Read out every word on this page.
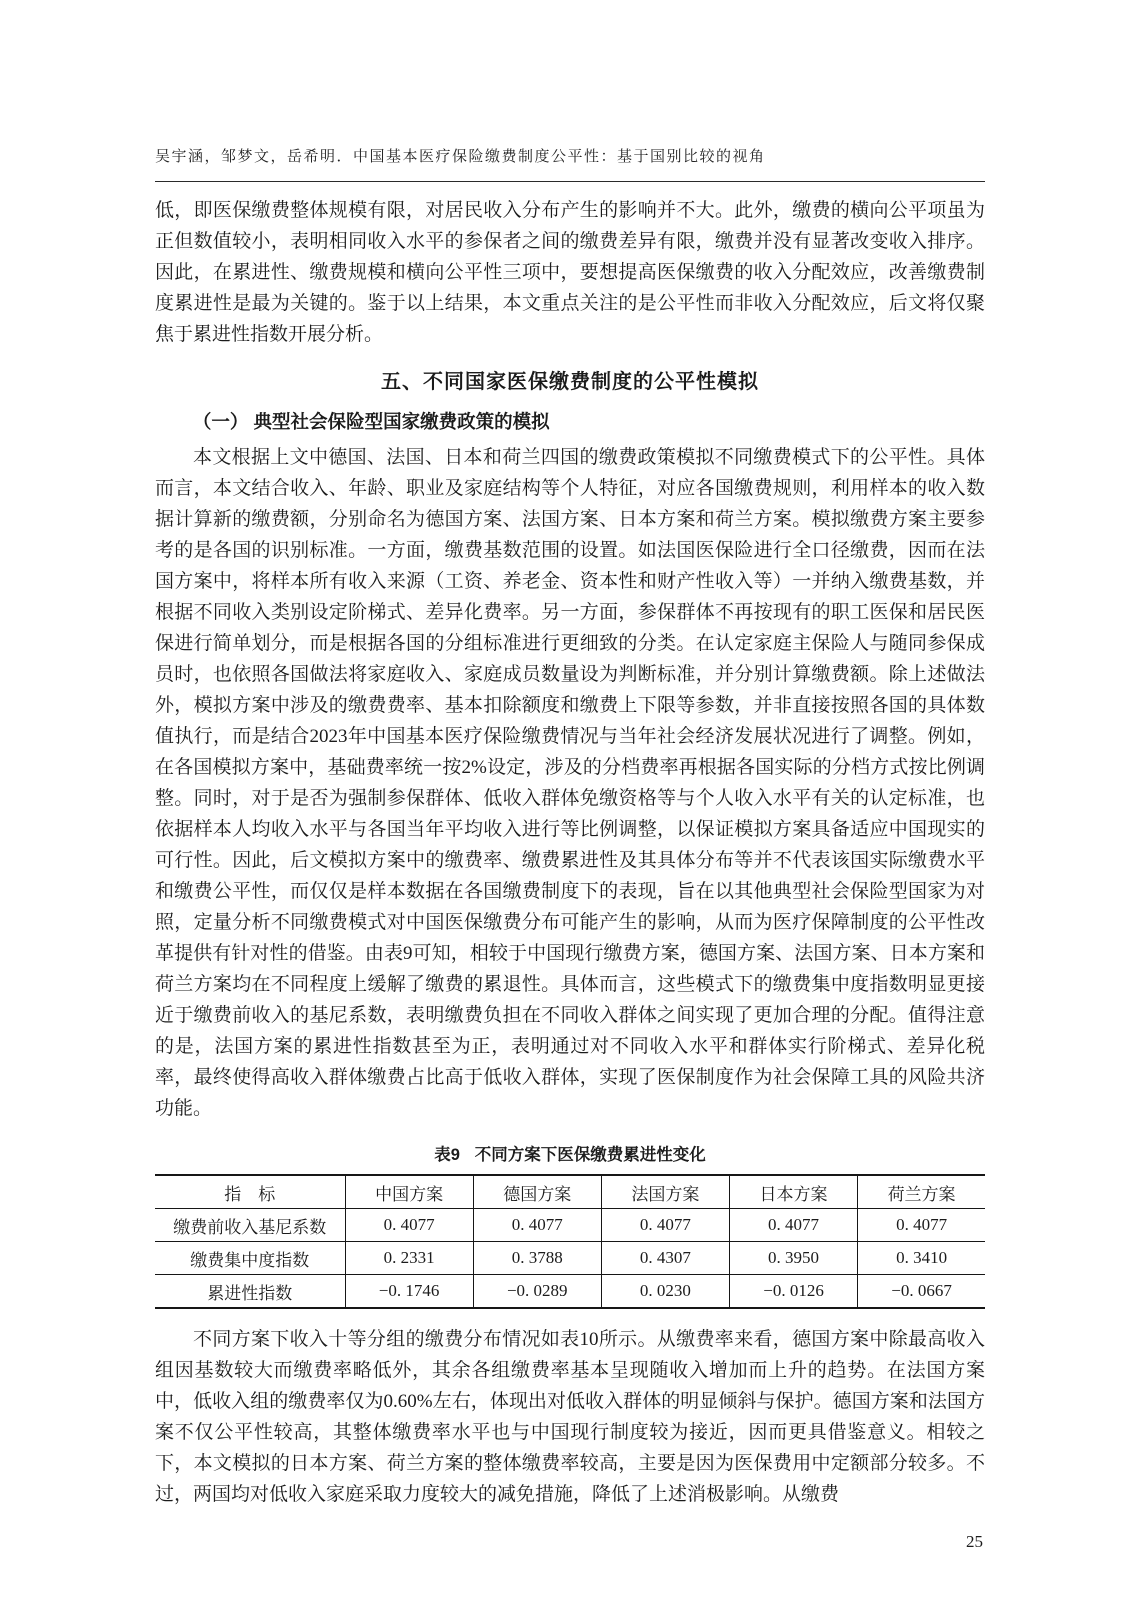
吴宇涵，邹梦文，岳希明．中国基本医疗保险缴费制度公平性：基于国别比较的视角

低，即医保缴费整体规模有限，对居民收入分布产生的影响并不大。此外，缴费的横向公平项虽为正但数值较小，表明相同收入水平的参保者之间的缴费差异有限，缴费并没有显著改变收入排序。因此，在累进性、缴费规模和横向公平性三项中，要想提高医保缴费的收入分配效应，改善缴费制度累进性是最为关键的。鉴于以上结果，本文重点关注的是公平性而非收入分配效应，后文将仅聚焦于累进性指数开展分析。

五、不同国家医保缴费制度的公平性模拟
（一） 典型社会保险型国家缴费政策的模拟

本文根据上文中德国、法国、日本和荷兰四国的缴费政策模拟不同缴费模式下的公平性。具体而言，本文结合收入、年龄、职业及家庭结构等个人特征，对应各国缴费规则，利用样本的收入数据计算新的缴费额，分别命名为德国方案、法国方案、日本方案和荷兰方案。模拟缴费方案主要参考的是各国的识别标准。一方面，缴费基数范围的设置。如法国医保险进行全口径缴费，因而在法国方案中，将样本所有收入来源（工资、养老金、资本性和财产性收入等）一并纳入缴费基数，并根据不同收入类别设定阶梯式、差异化费率。另一方面，参保群体不再按现有的职工医保和居民医保进行简单划分，而是根据各国的分组标准进行更细致的分类。在认定家庭主保险人与随同参保成员时，也依照各国做法将家庭收入、家庭成员数量设为判断标准，并分别计算缴费额。除上述做法外，模拟方案中涉及的缴费费率、基本扣除额度和缴费上下限等参数，并非直接按照各国的具体数值执行，而是结合2023年中国基本医疗保险缴费情况与当年社会经济发展状况进行了调整。例如，在各国模拟方案中，基础费率统一按2%设定，涉及的分档费率再根据各国实际的分档方式按比例调整。同时，对于是否为强制参保群体、低收入群体免缴资格等与个人收入水平有关的认定标准，也依据样本人均收入水平与各国当年平均收入进行等比例调整，以保证模拟方案具备适应中国现实的可行性。因此，后文模拟方案中的缴费率、缴费累进性及其具体分布等并不代表该国实际缴费水平和缴费公平性，而仅仅是样本数据在各国缴费制度下的表现，旨在以其他典型社会保险型国家为对照，定量分析不同缴费模式对中国医保缴费分布可能产生的影响，从而为医疗保障制度的公平性改革提供有针对性的借鉴。由表9可知，相较于中国现行缴费方案，德国方案、法国方案、日本方案和荷兰方案均在不同程度上缓解了缴费的累退性。具体而言，这些模式下的缴费集中度指数明显更接近于缴费前收入的基尼系数，表明缴费负担在不同收入群体之间实现了更加合理的分配。值得注意的是，法国方案的累进性指数甚至为正，表明通过对不同收入水平和群体实行阶梯式、差异化税率，最终使得高收入群体缴费占比高于低收入群体，实现了医保制度作为社会保障工具的风险共济功能。

表9 不同方案下医保缴费累进性变化
指　标	中国方案	德国方案	法国方案	日本方案	荷兰方案
缴费前收入基尼系数	0. 4077	0. 4077	0. 4077	0. 4077	0. 4077
缴费集中度指数	0. 2331	0. 3788	0. 4307	0. 3950	0. 3410
累进性指数	−0. 1746	−0. 0289	0. 0230	−0. 0126	−0. 0667

不同方案下收入十等分组的缴费分布情况如表10所示。从缴费率来看，德国方案中除最高收入组因基数较大而缴费率略低外，其余各组缴费率基本呈现随收入增加而上升的趋势。在法国方案中，低收入组的缴费率仅为0.60%左右，体现出对低收入群体的明显倾斜与保护。德国方案和法国方案不仅公平性较高，其整体缴费率水平也与中国现行制度较为接近，因而更具借鉴意义。相较之下，本文模拟的日本方案、荷兰方案的整体缴费率较高，主要是因为医保费用中定额部分较多。不过，两国均对低收入家庭采取力度较大的减免措施，降低了上述消极影响。从缴费

25
